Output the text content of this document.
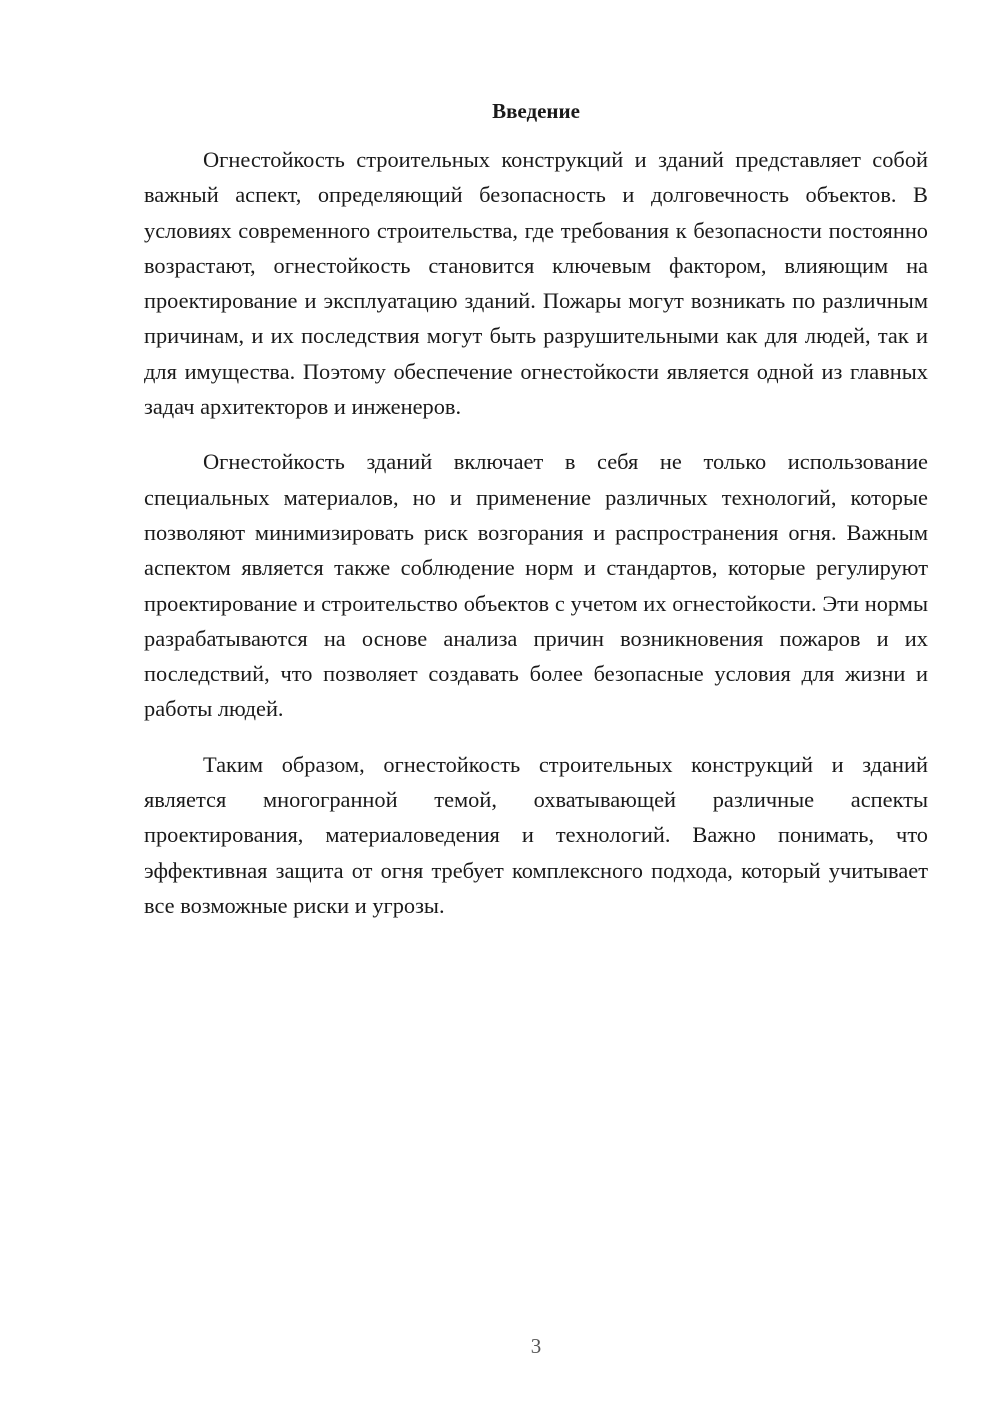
Введение

Огнестойкость строительных конструкций и зданий представляет собой важный аспект, определяющий безопасность и долговечность объектов. В условиях современного строительства, где требования к безопасности постоянно возрастают, огнестойкость становится ключевым фактором, влияющим на проектирование и эксплуатацию зданий. Пожары могут возникать по различным причинам, и их последствия могут быть разрушительными как для людей, так и для имущества. Поэтому обеспечение огнестойкости является одной из главных задач архитекторов и инженеров.

Огнестойкость зданий включает в себя не только использование специальных материалов, но и применение различных технологий, которые позволяют минимизировать риск возгорания и распространения огня. Важным аспектом является также соблюдение норм и стандартов, которые регулируют проектирование и строительство объектов с учетом их огнестойкости. Эти нормы разрабатываются на основе анализа причин возникновения пожаров и их последствий, что позволяет создавать более безопасные условия для жизни и работы людей.

Таким образом, огнестойкость строительных конструкций и зданий является многогранной темой, охватывающей различные аспекты проектирования, материаловедения и технологий. Важно понимать, что эффективная защита от огня требует комплексного подхода, который учитывает все возможные риски и угрозы.

3
